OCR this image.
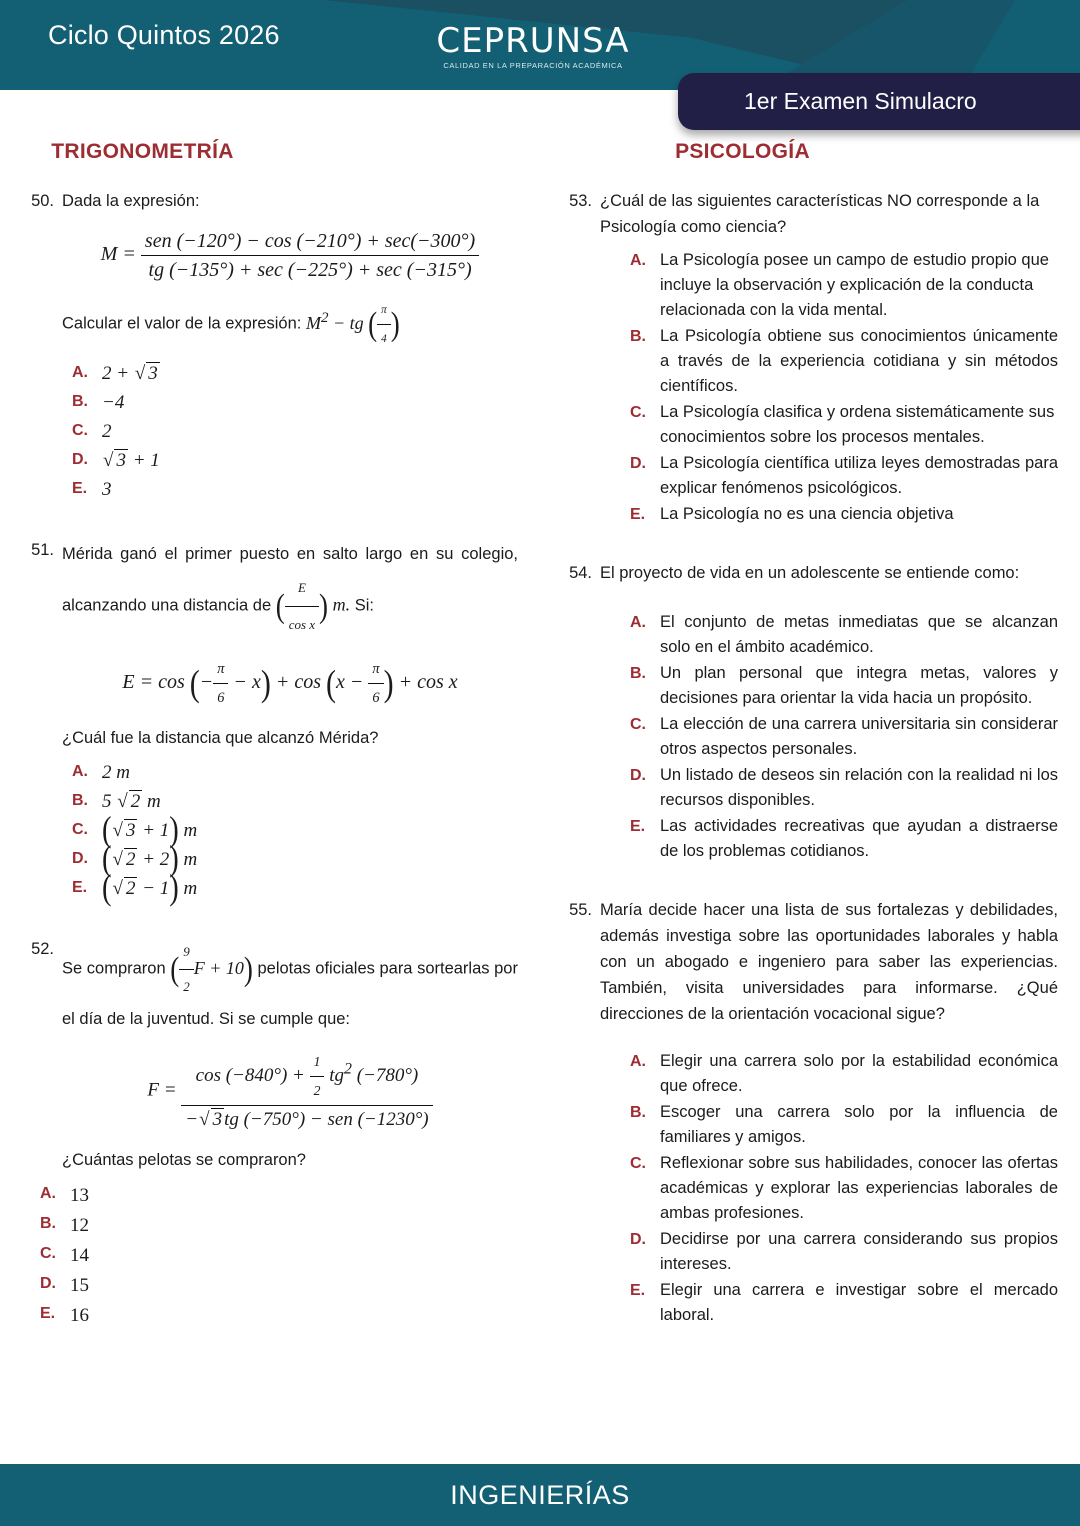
Ciclo Quintos 2026	CEPRUNSA
CALIDAD EN LA PREPARACIÓN ACADÉMICA
1er Examen Simulacro
TRIGONOMETRÍA	PSICOLOGÍA
50. Dada la expresión:
$M = \frac{\text{sen (−120°) − cos (−210°) + sec(−300°)}}{tg (-135^\circ) + \sec (-225^\circ) + \sec (-315^\circ)}$
Calcular el valor de la expresión: $M^2$ − tg ( $\frac{\pi}{4}$ )
A. 2 + √ 3
B. −4
C. 2
D. √ 3 + 1
E. 3
51. Mérida ganó el primer puesto en salto largo en su colegio, alcanzando una distancia de ( $\frac{E}{\text{cos x}}$ ) m. Si:
E = cos (− $\frac{\pi}{6} - x) + \cos (x - \frac{\pi}{6}$ ) + cos x
¿Cuál fue la distancia que alcanzó Mérida?
A. 2 m
B. 5 √ 2 m
C. (√ 3 + 1) m
D. (√ 2 + 2) m
E. (√ 2 − 1) m
52.
Se compraron ( $\frac{9}{2}$ F + 10) pelotas oficiales para sortearlas por el día de la juventud. Si se cumple que:
$F = \frac{\cos (-840^\circ) + \frac{1}{2} tg^2 (-780^\circ)}{\text{−√ 3 tg (−750°) − sen (−1230°)}}$
¿Cuántas pelotas se compraron?
A. 13
B. 12
C. 14
D. 15
E. 16
53. ¿Cuál de las siguientes características NO corresponde a la Psicología como ciencia?
A. La Psicología posee un campo de estudio propio que incluye la observación y explicación de la conducta relacionada con la vida mental.
B. La Psicología obtiene sus conocimientos únicamente a través de la experiencia cotidiana y sin métodos científicos.
C. La Psicología clasifica y ordena sistemáticamente sus conocimientos sobre los procesos mentales.
D. La Psicología científica utiliza leyes demostradas para explicar fenómenos psicológicos.
E. La Psicología no es una ciencia objetiva
54. El proyecto de vida en un adolescente se entiende como:
A. El conjunto de metas inmediatas que se alcanzan solo en el ámbito académico.
B. Un plan personal que integra metas, valores y decisiones para orientar la vida hacia un propósito.
C. La elección de una carrera universitaria sin considerar otros aspectos personales.
D. Un listado de deseos sin relación con la realidad ni los recursos disponibles.
E. Las actividades recreativas que ayudan a distraerse de los problemas cotidianos.
55. María decide hacer una lista de sus fortalezas y debilidades, además investiga sobre las oportunidades laborales y habla con un abogado e ingeniero para saber las experiencias. También, visita universidades para informarse. ¿Qué direcciones de la orientación vocacional sigue?
A. Elegir una carrera solo por la estabilidad económica que ofrece.
B. Escoger una carrera solo por la influencia de familiares y amigos.
C. Reflexionar sobre sus habilidades, conocer las ofertas académicas y explorar las experiencias laborales de ambas profesiones.
D. Decidirse por una carrera considerando sus propios intereses.
E. Elegir una carrera e investigar sobre el mercado laboral.
INGENIERÍAS
